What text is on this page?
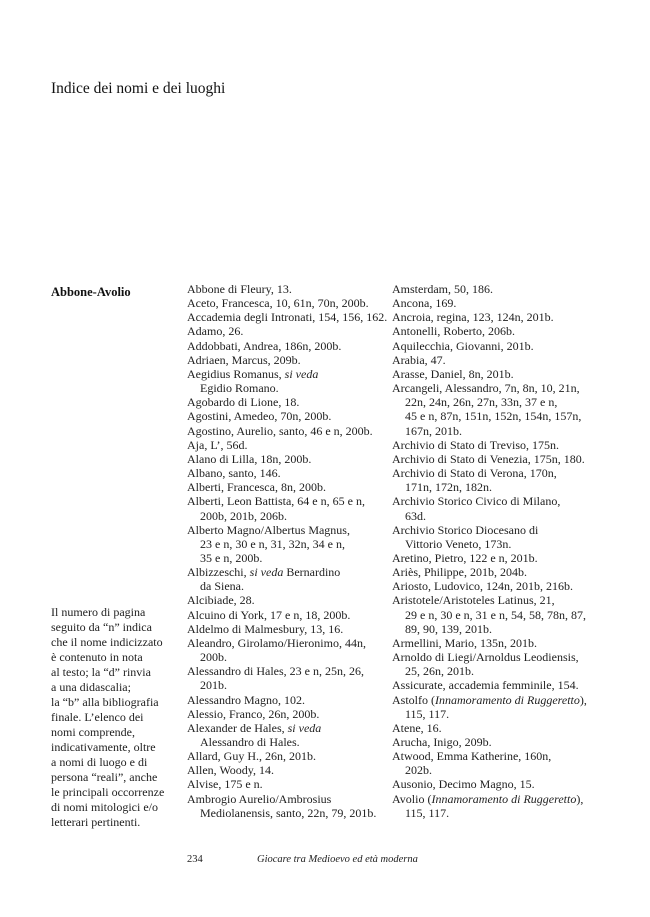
Indice dei nomi e dei luoghi
Abbone-Avolio
Il numero di pagina
seguito da “n” indica
che il nome indicizzato
è contenuto in nota
al testo; la “d” rinvia
a una didascalia;
la “b” alla bibliografia
finale. L’elenco dei
nomi comprende,
indicativamente, oltre
a nomi di luogo e di
persona “reali”, anche
le principali occorrenze
di nomi mitologici e/o
letterari pertinenti.
Abbone di Fleury, 13.
Aceto, Francesca, 10, 61n, 70n, 200b.
Accademia degli Intronati, 154, 156, 162.
Adamo, 26.
Addobbati, Andrea, 186n, 200b.
Adriaen, Marcus, 209b.
Aegidius Romanus, si veda
Egidio Romano.
Agobardo di Lione, 18.
Agostini, Amedeo, 70n, 200b.
Agostino, Aurelio, santo, 46 e n, 200b.
Aja, L’, 56d.
Alano di Lilla, 18n, 200b.
Albano, santo, 146.
Alberti, Francesca, 8n, 200b.
Alberti, Leon Battista, 64 e n, 65 e n,
200b, 201b, 206b.
Alberto Magno/Albertus Magnus,
23 e n, 30 e n, 31, 32n, 34 e n,
35 e n, 200b.
Albizzeschi, si veda Bernardino
da Siena.
Alcibiade, 28.
Alcuino di York, 17 e n, 18, 200b.
Aldelmo di Malmesbury, 13, 16.
Aleandro, Girolamo/Hieronimo, 44n,
200b.
Alessandro di Hales, 23 e n, 25n, 26,
201b.
Alessandro Magno, 102.
Alessio, Franco, 26n, 200b.
Alexander de Hales, si veda
Alessandro di Hales.
Allard, Guy H., 26n, 201b.
Allen, Woody, 14.
Alvise, 175 e n.
Ambrogio Aurelio/Ambrosius
Mediolanensis, santo, 22n, 79, 201b.
Amsterdam, 50, 186.
Ancona, 169.
Ancroia, regina, 123, 124n, 201b.
Antonelli, Roberto, 206b.
Aquilecchia, Giovanni, 201b.
Arabia, 47.
Arasse, Daniel, 8n, 201b.
Arcangeli, Alessandro, 7n, 8n, 10, 21n,
22n, 24n, 26n, 27n, 33n, 37 e n,
45 e n, 87n, 151n, 152n, 154n, 157n,
167n, 201b.
Archivio di Stato di Treviso, 175n.
Archivio di Stato di Venezia, 175n, 180.
Archivio di Stato di Verona, 170n,
171n, 172n, 182n.
Archivio Storico Civico di Milano,
63d.
Archivio Storico Diocesano di
Vittorio Veneto, 173n.
Aretino, Pietro, 122 e n, 201b.
Ariès, Philippe, 201b, 204b.
Ariosto, Ludovico, 124n, 201b, 216b.
Aristotele/Aristoteles Latinus, 21,
29 e n, 30 e n, 31 e n, 54, 58, 78n, 87,
89, 90, 139, 201b.
Armellini, Mario, 135n, 201b.
Arnoldo di Liegi/Arnoldus Leodiensis,
25, 26n, 201b.
Assicurate, accademia femminile, 154.
Astolfo (Innamoramento di Ruggeretto),
115, 117.
Atene, 16.
Arucha, Inigo, 209b.
Atwood, Emma Katherine, 160n,
202b.
Ausonio, Decimo Magno, 15.
Avolio (Innamoramento di Ruggeretto),
115, 117.
234	Giocare tra Medioevo ed età moderna
